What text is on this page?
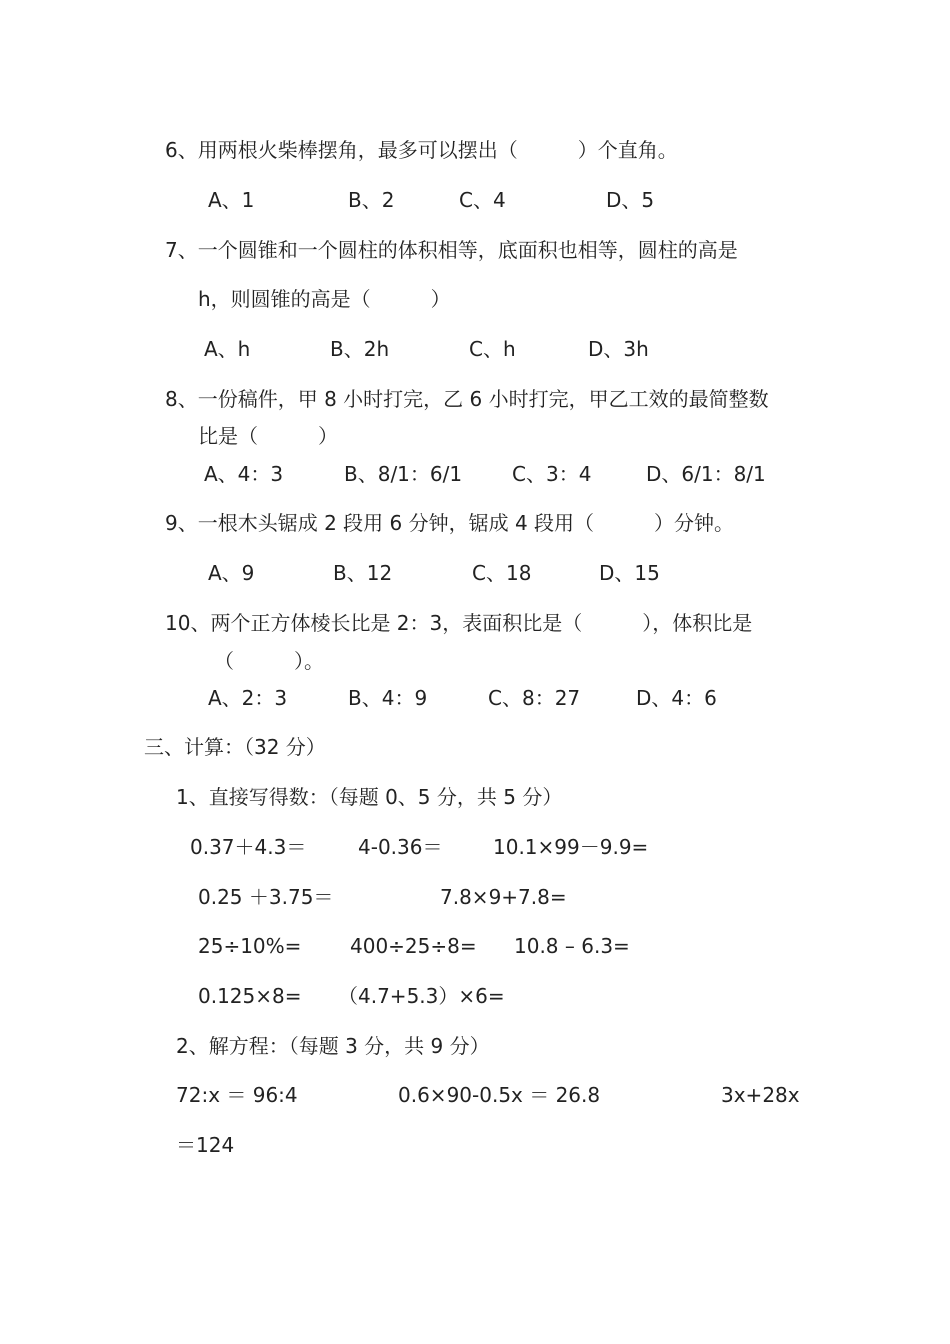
6、用两根火柴棒摆角，最多可以摆出（　　　）个直角。
A、1	B、2	C、4	D、5
7、一个圆锥和一个圆柱的体积相等，底面积也相等，圆柱的高是
h，则圆锥的高是（　　　）
A、h	B、2h	C、h	D、3h
8、一份稿件，甲 8 小时打完，乙 6 小时打完，甲乙工效的最简整数
比是（　　　）
A、4：3	B、8/1：6/1 C、3：4	D、6/1：8/1
9、一根木头锯成 2 段用 6 分钟，锯成 4 段用（　　　）分钟。
A、9	B、12	C、18	D、15
10、两个正方体棱长比是 2：3，表面积比是（　　　），体积比是
（　　　）。
A、2：3	B、4：9	C、8：27	D、4：6
三、计算：（32 分）
1、直接写得数：（每题 0、5 分，共 5 分）
0.37＋4.3＝	4-0.36＝	10.1×99－9.9=
0.25 ＋3.75＝	7.8×9+7.8=
25÷10%= 400÷25÷8= 10.8 – 6.3=
0.125×8= （4.7+5.3）×6=
2、解方程：（每题 3 分，共 9 分）
72:x ＝ 96:4	0.6×90-0.5x ＝ 26.8	3x+28x
＝124
